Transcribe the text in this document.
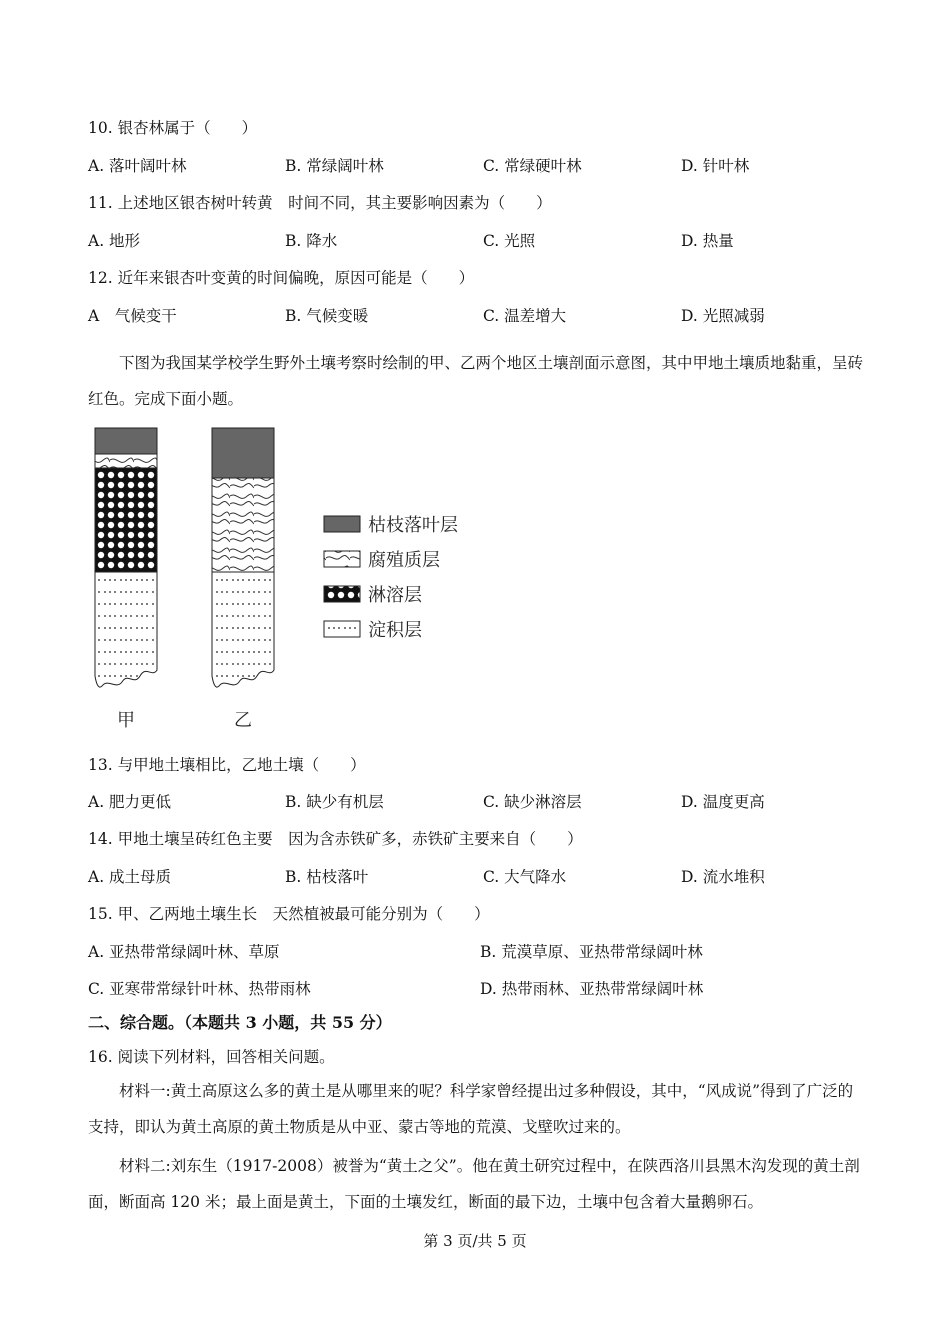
10. 银杏林属于（　　）
A. 落叶阔叶林	B. 常绿阔叶林	C. 常绿硬叶林	D. 针叶林
11. 上述地区银杏树叶转黄　时间不同，其主要影响因素为（　　）
A. 地形	B. 降水	C. 光照	D. 热量
12. 近年来银杏叶变黄的时间偏晚，原因可能是（　　）
A　气候变干	B. 气候变暖	C. 温差增大	D. 光照减弱
下图为我国某学校学生野外土壤考察时绘制的甲、乙两个地区土壤剖面示意图，其中甲地土壤质地黏重，呈砖红色。完成下面小题。
甲	乙
枯枝落叶层
腐殖质层
淋溶层
淀积层
13. 与甲地土壤相比，乙地土壤（　　）
A. 肥力更低	B. 缺少有机层	C. 缺少淋溶层	D. 温度更高
14. 甲地土壤呈砖红色主要　因为含赤铁矿多，赤铁矿主要来自（　　）
A. 成土母质	B. 枯枝落叶	C. 大气降水	D. 流水堆积
15. 甲、乙两地土壤生长　天然植被最可能分别为（　　）
A. 亚热带常绿阔叶林、草原	B. 荒漠草原、亚热带常绿阔叶林
C. 亚寒带常绿针叶林、热带雨林	D. 热带雨林、亚热带常绿阔叶林
二、综合题。（本题共 3 小题，共 55 分）
16. 阅读下列材料，回答相关问题。
材料一:黄土高原这么多的黄土是从哪里来的呢？科学家曾经提出过多种假设，其中，“风成说”得到了广泛的支持，即认为黄土高原的黄土物质是从中亚、蒙古等地的荒漠、戈壁吹过来的。
材料二:刘东生（1917-2008）被誉为“黄土之父”。他在黄土研究过程中，在陕西洛川县黑木沟发现的黄土剖面，断面高 120 米；最上面是黄土，下面的土壤发红，断面的最下边，土壤中包含着大量鹅卵石。
第 3 页/共 5 页
